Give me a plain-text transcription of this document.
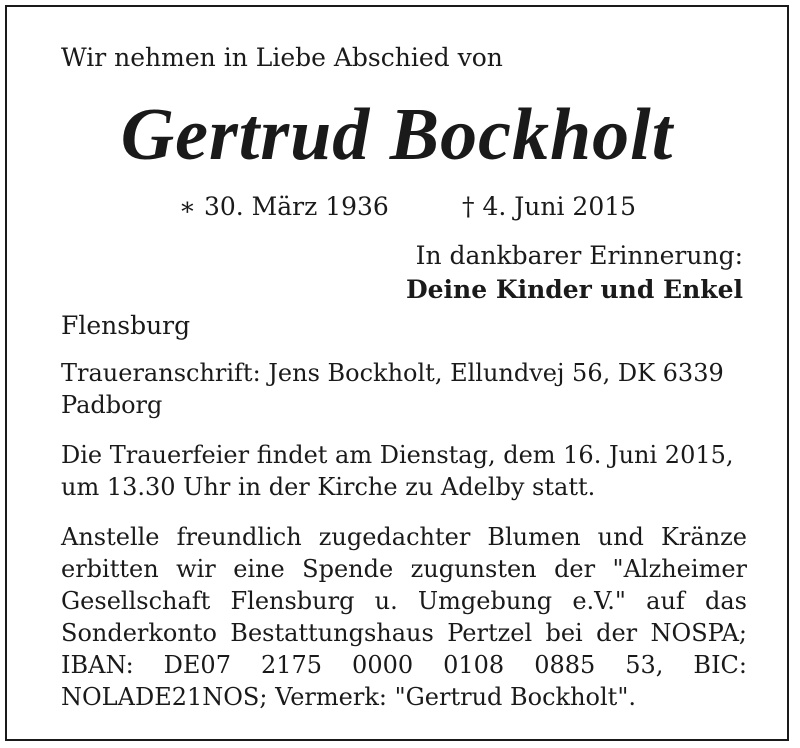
Wir nehmen in Liebe Abschied von
Gertrud Bockholt
∗ 30. März 1936	† 4. Juni 2015
In dankbarer Erinnerung:
Deine Kinder und Enkel
Flensburg
Traueranschrift: Jens Bockholt, Ellundvej 56, DK 6339 Padborg
Die Trauerfeier findet am Dienstag, dem 16. Juni 2015, um 13.30 Uhr in der Kirche zu Adelby statt.
Anstelle freundlich zugedachter Blumen und Kränze erbitten wir eine Spende zugunsten der "Alzheimer Gesellschaft Flensburg u. Umgebung e.V." auf das Sonderkonto Bestattungshaus Pertzel bei der NOSPA; IBAN: DE07 2175 0000 0108 0885 53, BIC: NOLADE21NOS; Vermerk: "Gertrud Bockholt".
